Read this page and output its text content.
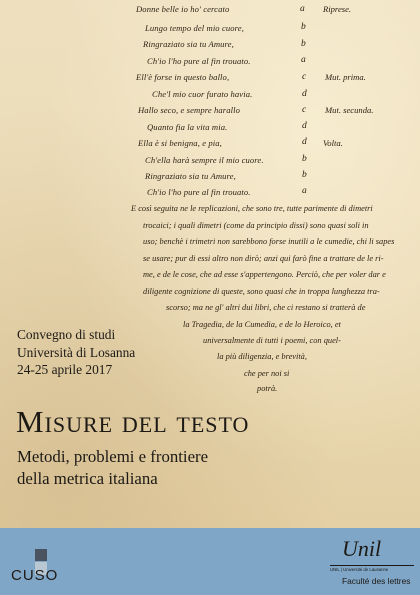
Donne belle io ho' cercato	a Riprese.
Lungo tempo del mio cuore,	b
Ringraziato sia tu Amure,	b
Ch'io l'ho pure al fin trouato.	a
Ell'è forse in questo ballo,	c Mut. prima.
Che'l mio cuor furato havia.	d
Hallo seco, e sempre harallo	c Mut. secunda.
Quanto fia la vita mia.	d
Ella è si benigna, e pia,	d Volta.
Ch'ella harà sempre il mio cuore.	b
Ringraziato sia tu Amure,	b
Ch'io l'ho pure al fin trouato.	a
E così seguita ne le replicazioni, che sono tre, tutte parimente di dimetri
trocaici; i quali dimetri (come da principio dissi) sono quasi soli in
uso; benchè i trimetri non sarebbono forse inutili a le cumedie, chi li sapes
se usare; pur di essi altro non dirò; anzi qui farò fine a trattare de le ri-
me, e de le cose, che ad esse s'appertengono. Perciò, che per voler dar e
diligente cognizione di queste, sono quasi che in troppa lunghezza tra-
scorso; ma ne gl' altri dui libri, che ci restano si tratterà de
la Tragedia, de la Cumedia, e de lo Heroico, et
universalmente di tutti i poemi, con quel-
la più diligenzia, e brevità,
che per noi si
potrà.
Convegno di studi
Università di Losanna
24-25 aprile 2017
Misure del testo
Metodi, problemi e frontiere
della metrica italiana
CUSO
Unil
UNIL | Université de Lausanne
Faculté des lettres
